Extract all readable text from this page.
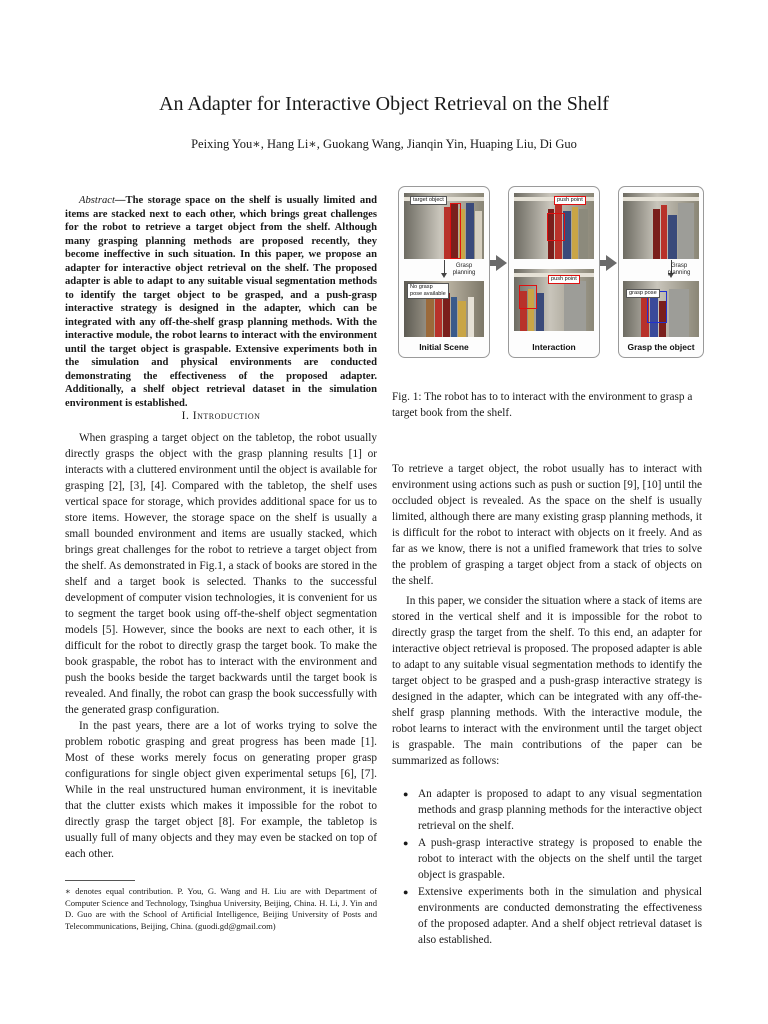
An Adapter for Interactive Object Retrieval on the Shelf
Peixing You∗, Hang Li∗, Guokang Wang, Jianqin Yin, Huaping Liu, Di Guo
Abstract—The storage space on the shelf is usually limited and items are stacked next to each other, which brings great challenges for the robot to retrieve a target object from the shelf. Although many grasping planning methods are proposed recently, they become ineffective in such situation. In this paper, we propose an adapter for interactive object retrieval on the shelf. The proposed adapter is able to adapt to any suitable visual segmentation methods to identify the target object to be grasped, and a push-grasp interactive strategy is designed in the adapter, which can be integrated with any off-the-shelf grasp planning methods. With the interactive module, the robot learns to interact with the environment until the target object is graspable. Extensive experiments both in the simulation and physical environments are conducted demonstrating the effectiveness of the proposed adapter. Additionally, a shelf object retrieval dataset in the simulation environment is established.
I. Introduction

When grasping a target object on the tabletop, the robot usually directly grasps the object with the grasp planning results [1] or interacts with a cluttered environment until the object is available for grasping [2], [3], [4]. Compared with the tabletop, the shelf uses vertical space for storage, which provides additional space for us to store items. However, the storage space on the shelf is usually a small bounded environment and items are usually stacked, which brings great challenges for the robot to retrieve a target object from the shelf. As demonstrated in Fig.1, a stack of books are stored in the shelf and a target book is selected. Thanks to the successful development of computer vision technologies, it is convenient for us to segment the target book using off-the-shelf object segmentation models [5]. However, since the books are next to each other, it is difficult for the robot to directly grasp the target book. To make the book graspable, the robot has to interact with the environment and push the books beside the target backwards until the target book is revealed. And finally, the robot can grasp the book successfully with the generated grasp configuration.

In the past years, there are a lot of works trying to solve the problem robotic grasping and great progress has been made [1]. Most of these works merely focus on generating proper grasp configurations for single object given experimental setups [6], [7]. While in the real unstructured human environment, it is inevitable that the clutter exists which makes it impossible for the robot to directly grasp the target object [8]. For example, the tabletop is usually full of many objects and they may even be stacked on top of each other.

∗ denotes equal contribution. P. You, G. Wang and H. Liu are with Department of Computer Science and Technology, Tsinghua University, Beijing, China. H. Li, J. Yin and D. Guo are with the School of Artificial Intelligence, Beijing University of Posts and Telecommunications, Beijing, China. (guodi.gd@gmail.com)
target object
Grasp
planning
No grasp
pose available
Initial Scene
push point
push point
Interaction
Grasp
planning
grasp pose
Grasp the object
Fig. 1: The robot has to to interact with the environment to grasp a target book from the shelf.

To retrieve a target object, the robot usually has to interact with environment using actions such as push or suction [9], [10] until the occluded object is revealed. As the space on the shelf is usually limited, although there are many existing grasp planning methods, it is difficult for the robot to interact with objects on it freely. And as far as we know, there is not a unified framework that tries to solve the problem of grasping a target object from a stack of objects on the shelf.

In this paper, we consider the situation where a stack of items are stored in the vertical shelf and it is impossible for the robot to directly grasp the target from the shelf. To this end, an adapter for interactive object retrieval is proposed. The proposed adapter is able to adapt to any suitable visual segmentation methods to identify the target object to be grasped and a push-grasp interactive strategy is designed in the adapter, which can be integrated with any off-the-shelf grasp planning methods. With the interactive module, the robot learns to interact with the environment until the target object is graspable. The main contributions of the paper can be summarized as follows:

● An adapter is proposed to adapt to any visual segmentation methods and grasp planning methods for the interactive object retrieval on the shelf.
● A push-grasp interactive strategy is proposed to enable the robot to interact with the objects on the shelf until the target object is graspable.
● Extensive experiments both in the simulation and physical environments are conducted demonstrating the effectiveness of the proposed adapter. And a shelf object retrieval dataset is also established.
